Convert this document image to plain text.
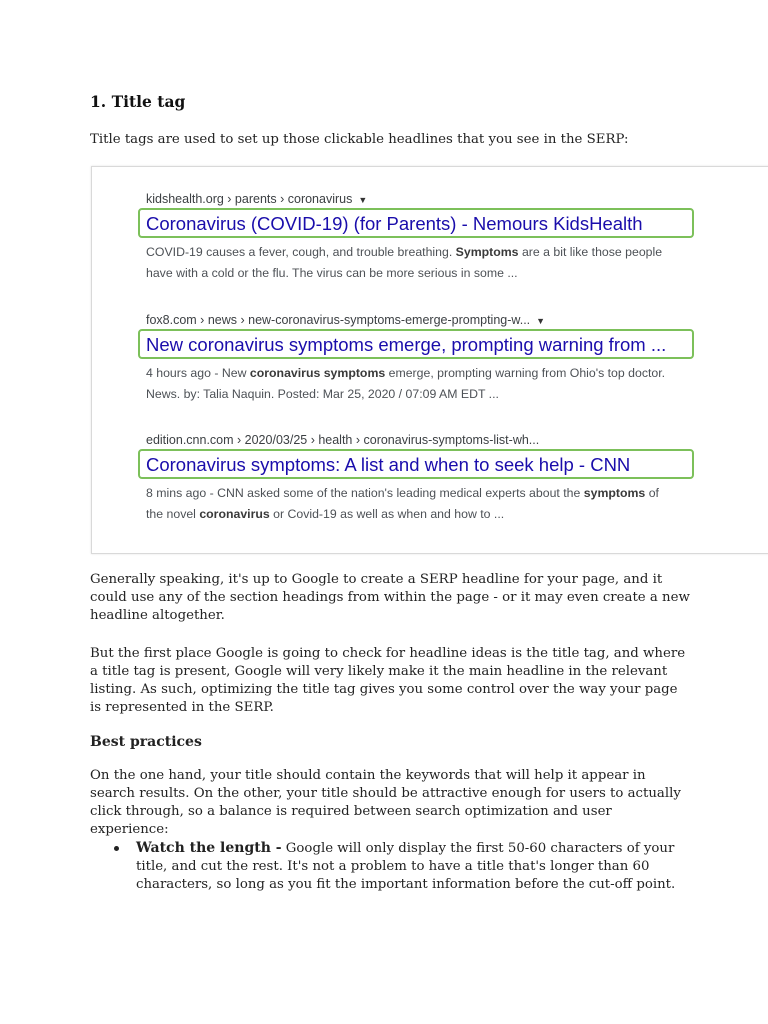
1. Title tag

Title tags are used to set up those clickable headlines that you see in the SERP:

kidshealth.org › parents › coronavirus ▼
Coronavirus (COVID-19) (for Parents) - Nemours KidsHealth
COVID-19 causes a fever, cough, and trouble breathing. Symptoms are a bit like those people
have with a cold or the flu. The virus can be more serious in some ...
fox8.com › news › new-coronavirus-symptoms-emerge-prompting-w... ▼
New coronavirus symptoms emerge, prompting warning from ...
4 hours ago - New coronavirus symptoms emerge, prompting warning from Ohio's top doctor.
News. by: Talia Naquin. Posted: Mar 25, 2020 / 07:09 AM EDT ...
edition.cnn.com › 2020/03/25 › health › coronavirus-symptoms-list-wh...
Coronavirus symptoms: A list and when to seek help - CNN
8 mins ago - CNN asked some of the nation's leading medical experts about the symptoms of
the novel coronavirus or Covid-19 as well as when and how to ...

Generally speaking, it's up to Google to create a SERP headline for your page, and it could use any of the section headings from within the page - or it may even create a new headline altogether.

But the first place Google is going to check for headline ideas is the title tag, and where a title tag is present, Google will very likely make it the main headline in the relevant listing. As such, optimizing the title tag gives you some control over the way your page is represented in the SERP.

Best practices

On the one hand, your title should contain the keywords that will help it appear in search results. On the other, your title should be attractive enough for users to actually click through, so a balance is required between search optimization and user experience:

Watch the length - Google will only display the first 50-60 characters of your title, and cut the rest. It's not a problem to have a title that's longer than 60 characters, so long as you fit the important information before the cut-off point.
